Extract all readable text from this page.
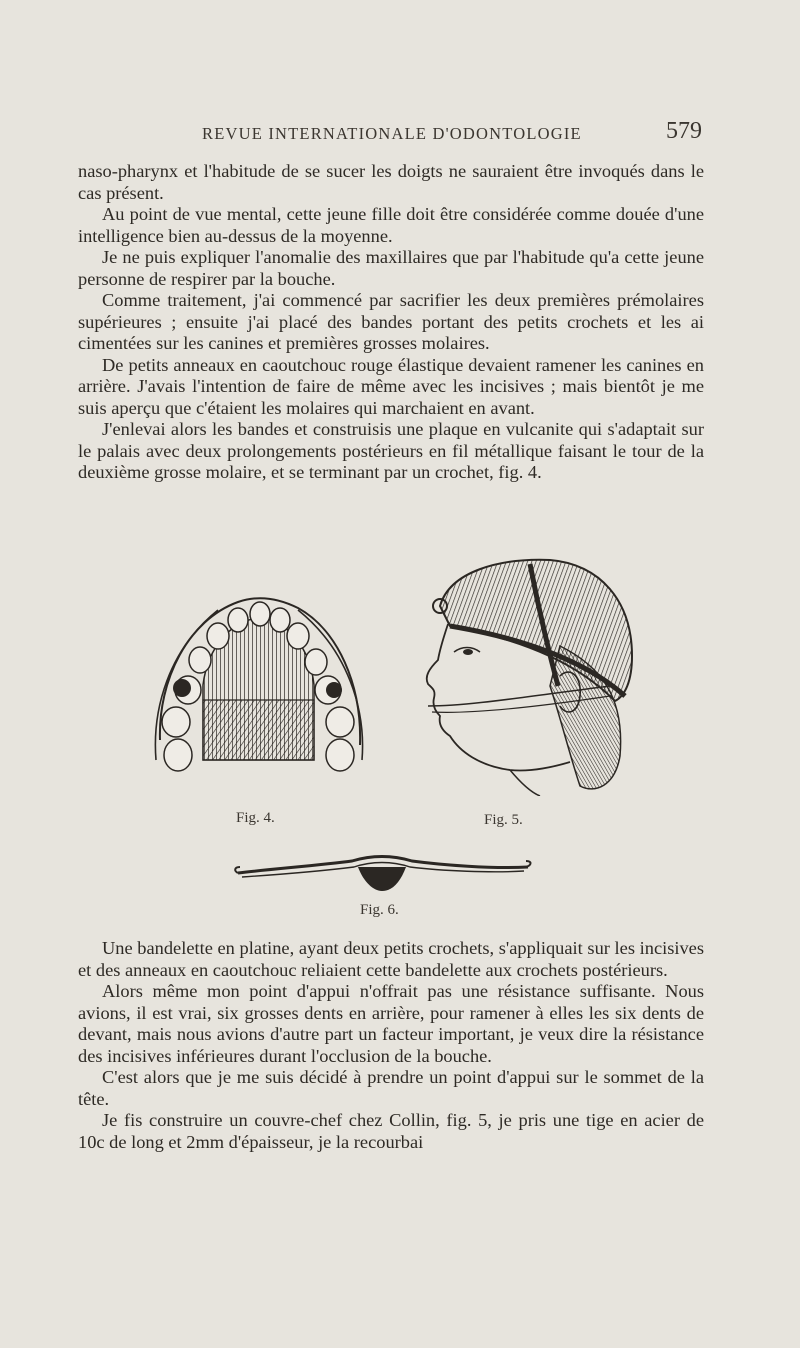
REVUE INTERNATIONALE D'ODONTOLOGIE	579

naso-pharynx et l'habitude de se sucer les doigts ne sauraient être invoqués dans le cas présent.

Au point de vue mental, cette jeune fille doit être considérée comme douée d'une intelligence bien au-dessus de la moyenne.

Je ne puis expliquer l'anomalie des maxillaires que par l'habitude qu'a cette jeune personne de respirer par la bouche.

Comme traitement, j'ai commencé par sacrifier les deux premières prémolaires supérieures ; ensuite j'ai placé des bandes portant des petits crochets et les ai cimentées sur les canines et premières grosses molaires.

De petits anneaux en caoutchouc rouge élastique devaient ramener les canines en arrière. J'avais l'intention de faire de même avec les incisives ; mais bientôt je me suis aperçu que c'étaient les molaires qui marchaient en avant.

J'enlevai alors les bandes et construisis une plaque en vulcanite qui s'adaptait sur le palais avec deux prolongements postérieurs en fil métallique faisant le tour de la deuxième grosse molaire, et se terminant par un crochet, fig. 4.

Fig. 4.	Fig. 5.
Fig. 6.

Une bandelette en platine, ayant deux petits crochets, s'appliquait sur les incisives et des anneaux en caoutchouc reliaient cette bandelette aux crochets postérieurs.

Alors même mon point d'appui n'offrait pas une résistance suffisante. Nous avions, il est vrai, six grosses dents en arrière, pour ramener à elles les six dents de devant, mais nous avions d'autre part un facteur important, je veux dire la résistance des incisives inférieures durant l'occlusion de la bouche.

C'est alors que je me suis décidé à prendre un point d'appui sur le sommet de la tête.

Je fis construire un couvre-chef chez Collin, fig. 5, je pris une tige en acier de 10c de long et 2mm d'épaisseur, je la recourbai
